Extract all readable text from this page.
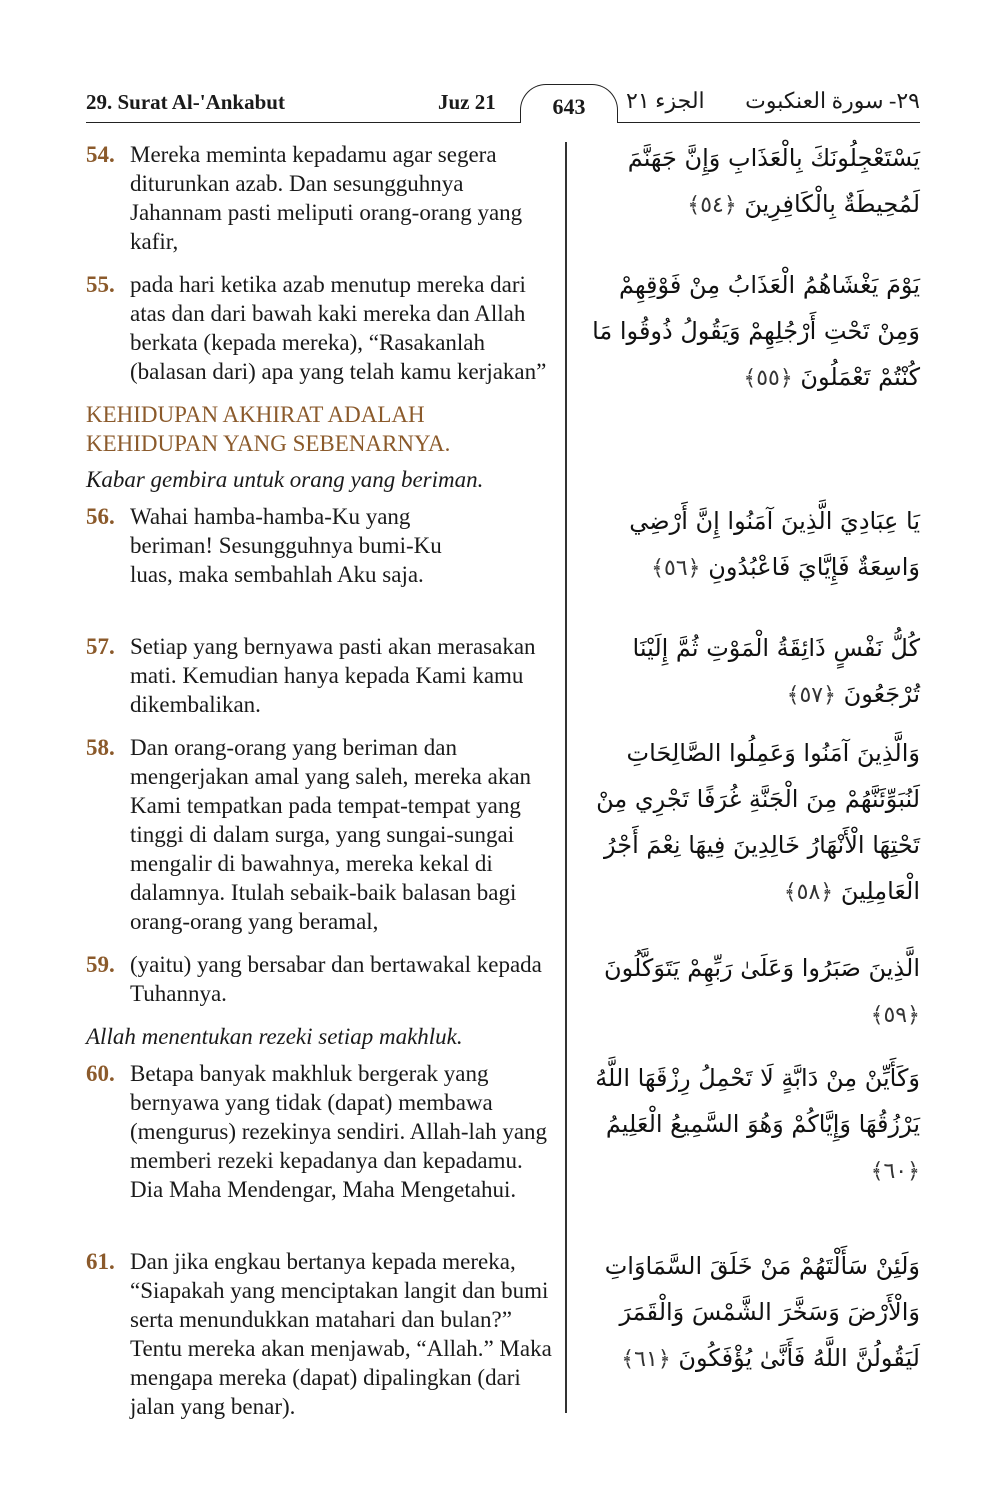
29. Surat Al-'Ankabut	Juz 21	643	الجزء ٢١ ٢٩- سورة العنكبوت
54. Mereka meminta kepadamu agar segera diturunkan azab. Dan sesungguhnya Jahannam pasti meliputi orang-orang yang kafir,
يَسْتَعْجِلُونَكَ بِالْعَذَابِ وَإِنَّ جَهَنَّمَ لَمُحِيطَةٌ بِالْكَافِرِينَ ﴿٥٤﴾
55. pada hari ketika azab menutup mereka dari atas dan dari bawah kaki mereka dan Allah berkata (kepada mereka), “Rasakanlah (balasan dari) apa yang telah kamu kerjakan”
يَوْمَ يَغْشَاهُمُ الْعَذَابُ مِنْ فَوْقِهِمْ وَمِنْ تَحْتِ أَرْجُلِهِمْ وَيَقُولُ ذُوقُوا مَا كُنْتُمْ تَعْمَلُونَ ﴿٥٥﴾
KEHIDUPAN AKHIRAT ADALAH
KEHIDUPAN YANG SEBENARNYA.
Kabar gembira untuk orang yang beriman.
56. Wahai hamba-hamba-Ku yang beriman! Sesungguhnya bumi-Ku luas, maka sembahlah Aku saja.
يَا عِبَادِيَ الَّذِينَ آمَنُوا إِنَّ أَرْضِي وَاسِعَةٌ فَإِيَّايَ فَاعْبُدُونِ ﴿٥٦﴾
57. Setiap yang bernyawa pasti akan merasakan mati. Kemudian hanya kepada Kami kamu dikembalikan.
كُلُّ نَفْسٍ ذَائِقَةُ الْمَوْتِ ثُمَّ إِلَيْنَا تُرْجَعُونَ ﴿٥٧﴾
58. Dan orang-orang yang beriman dan mengerjakan amal yang saleh, mereka akan Kami tempatkan pada tempat-tempat yang tinggi di dalam surga, yang sungai-sungai mengalir di bawahnya, mereka kekal di dalamnya. Itulah sebaik-baik balasan bagi orang-orang yang beramal,
وَالَّذِينَ آمَنُوا وَعَمِلُوا الصَّالِحَاتِ لَنُبَوِّئَنَّهُمْ مِنَ الْجَنَّةِ غُرَفًا تَجْرِي مِنْ تَحْتِهَا الْأَنْهَارُ خَالِدِينَ فِيهَا نِعْمَ أَجْرُ الْعَامِلِينَ ﴿٥٨﴾
59. (yaitu) yang bersabar dan bertawakal kepada Tuhannya.
الَّذِينَ صَبَرُوا وَعَلَىٰ رَبِّهِمْ يَتَوَكَّلُونَ ﴿٥٩﴾
Allah menentukan rezeki setiap makhluk.
60. Betapa banyak makhluk bergerak yang bernyawa yang tidak (dapat) membawa (mengurus) rezekinya sendiri. Allah-lah yang memberi rezeki kepadanya dan kepadamu. Dia Maha Mendengar, Maha Mengetahui.
وَكَأَيِّنْ مِنْ دَابَّةٍ لَا تَحْمِلُ رِزْقَهَا اللَّهُ يَرْزُقُهَا وَإِيَّاكُمْ وَهُوَ السَّمِيعُ الْعَلِيمُ ﴿٦٠﴾
61. Dan jika engkau bertanya kepada mereka, “Siapakah yang menciptakan langit dan bumi serta menundukkan matahari dan bulan?” Tentu mereka akan menjawab, “Allah.” Maka mengapa mereka (dapat) dipalingkan (dari jalan yang benar).
وَلَئِنْ سَأَلْتَهُمْ مَنْ خَلَقَ السَّمَاوَاتِ وَالْأَرْضَ وَسَخَّرَ الشَّمْسَ وَالْقَمَرَ لَيَقُولُنَّ اللَّهُ فَأَنَّىٰ يُؤْفَكُونَ ﴿٦١﴾
